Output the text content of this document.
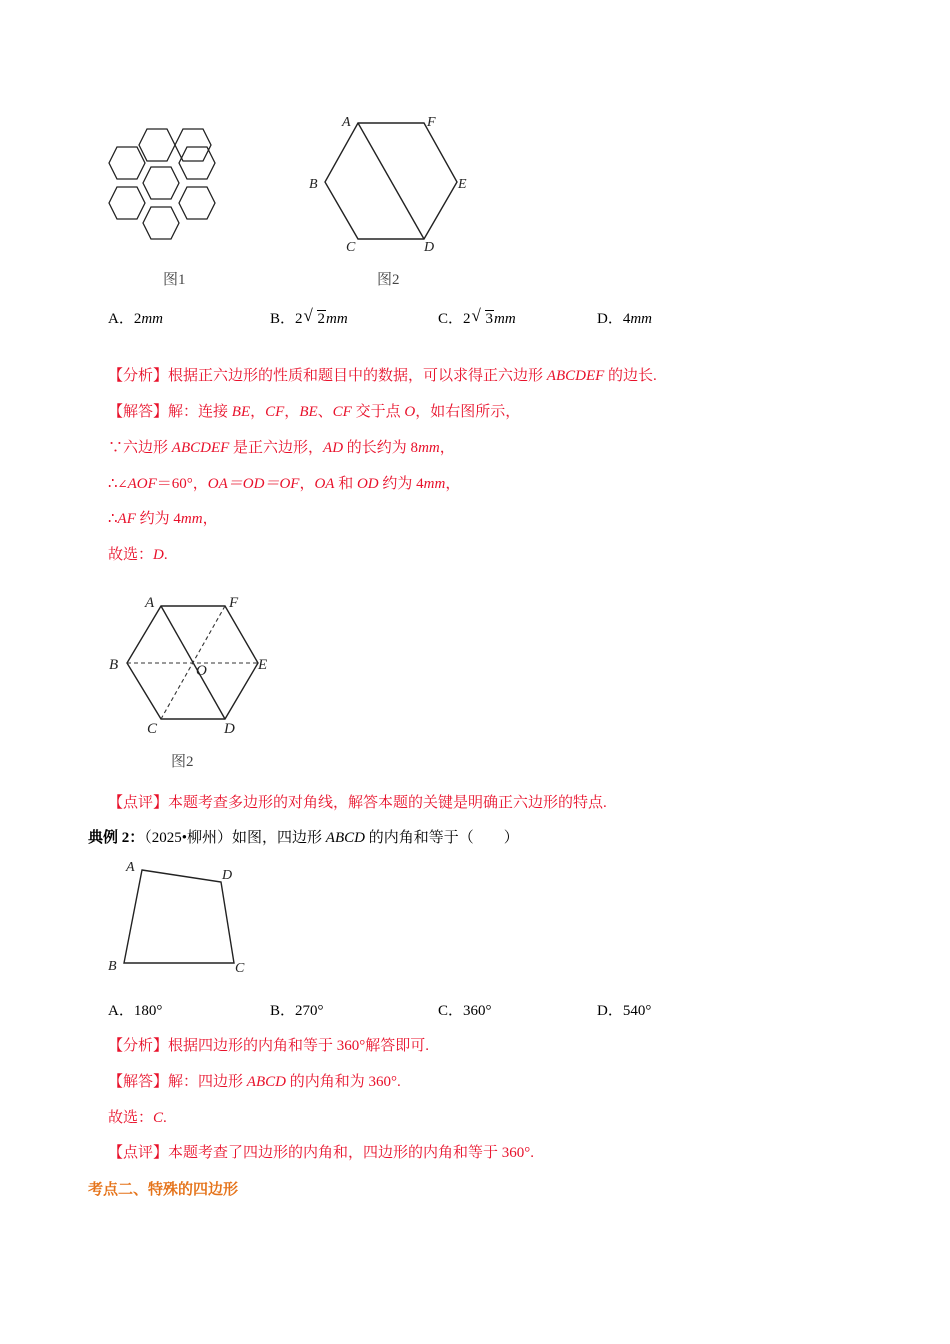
图1
A	F
B	E
C	D
图2
A．2mm	B．2 √ 2mm	C．2 √ 3mm	D．4mm
【分析】根据正六边形的性质和题目中的数据，可以求得正六边形 ABCDEF 的边长.
【解答】解：连接 BE，CF，BE、CF 交于点 O，如右图所示，
∵六边形 ABCDEF 是正六边形，AD 的长约为 8mm，
∴∠AOF＝60°，OA＝OD＝OF，OA 和 OD 约为 4mm，
∴AF 约为 4mm，
故选：D.
A	F
B	E
O
C	D
图2
【点评】本题考查多边形的对角线，解答本题的关键是明确正六边形的特点.
典例 2：（2025•柳州）如图，四边形 ABCD 的内角和等于（　　）
A
D
B	C
A．180°	B．270°	C．360°	D．540°
【分析】根据四边形的内角和等于 360°解答即可.
【解答】解：四边形 ABCD 的内角和为 360°.
故选：C.
【点评】本题考查了四边形的内角和，四边形的内角和等于 360°.
考点二、特殊的四边形
